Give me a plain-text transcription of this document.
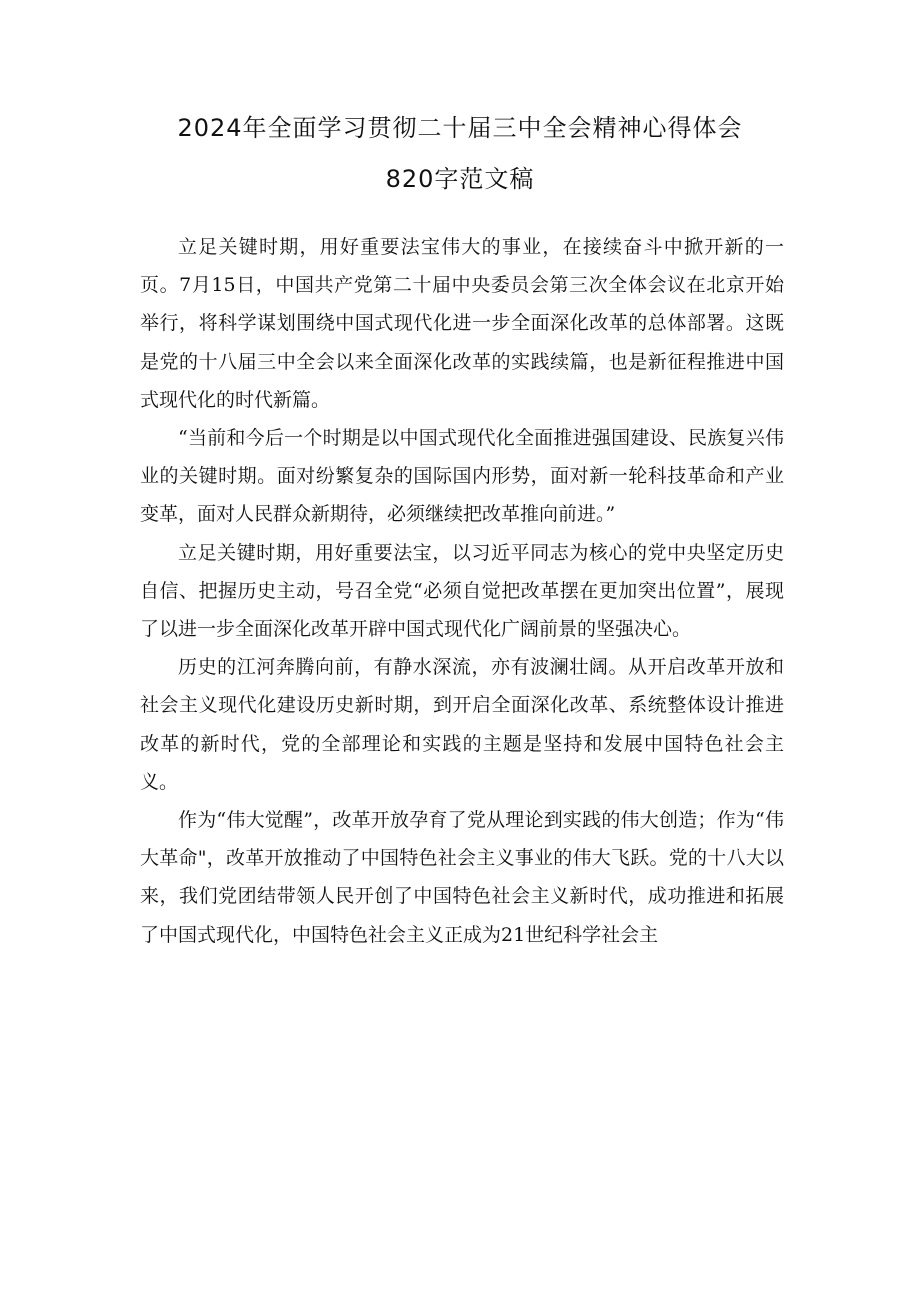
2024年全面学习贯彻二十届三中全会精神心得体会
820字范文稿

立足关键时期，用好重要法宝伟大的事业，在接续奋斗中掀开新的一页。7月15日，中国共产党第二十届中央委员会第三次全体会议在北京开始举行，将科学谋划围绕中国式现代化进一步全面深化改革的总体部署。这既是党的十八届三中全会以来全面深化改革的实践续篇，也是新征程推进中国式现代化的时代新篇。

“当前和今后一个时期是以中国式现代化全面推进强国建设、民族复兴伟业的关键时期。面对纷繁复杂的国际国内形势，面对新一轮科技革命和产业变革，面对人民群众新期待，必须继续把改革推向前进。”

立足关键时期，用好重要法宝，以习近平同志为核心的党中央坚定历史自信、把握历史主动，号召全党“必须自觉把改革摆在更加突出位置”，展现了以进一步全面深化改革开辟中国式现代化广阔前景的坚强决心。

历史的江河奔腾向前，有静水深流，亦有波澜壮阔。从开启改革开放和社会主义现代化建设历史新时期，到开启全面深化改革、系统整体设计推进改革的新时代，党的全部理论和实践的主题是坚持和发展中国特色社会主义。

作为“伟大觉醒”，改革开放孕育了党从理论到实践的伟大创造；作为“伟大革命"，改革开放推动了中国特色社会主义事业的伟大飞跃。党的十八大以来，我们党团结带领人民开创了中国特色社会主义新时代，成功推进和拓展了中国式现代化，中国特色社会主义正成为21世纪科学社会主
